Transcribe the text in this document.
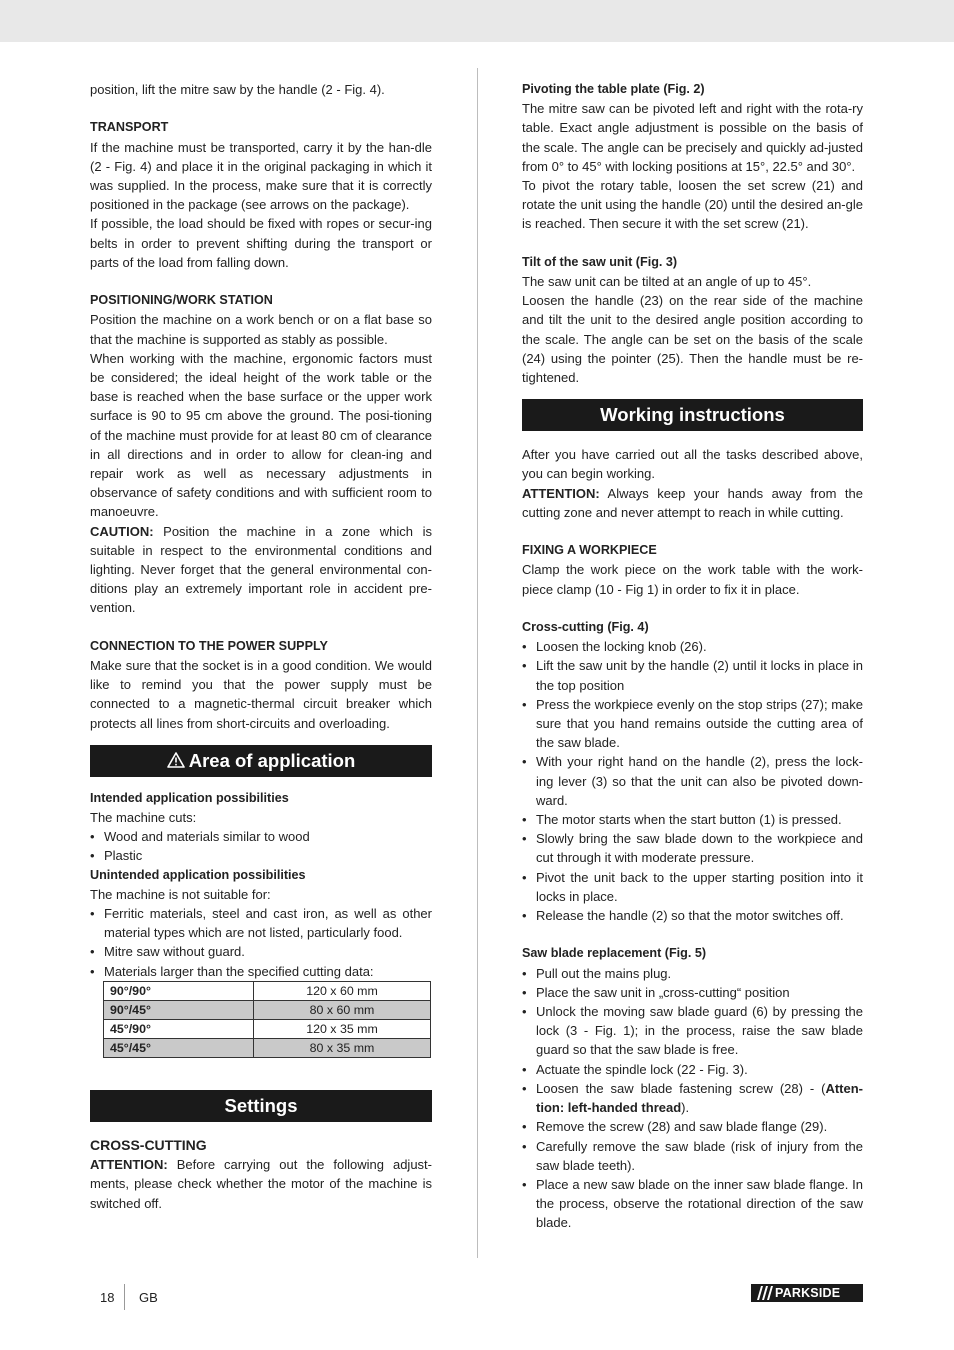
position, lift the mitre saw by the handle (2 - Fig. 4).

TRANSPORT

If the machine must be transported, carry it by the han-dle (2 - Fig. 4) and place it in the original packaging in which it was supplied. In the process, make sure that it is correctly positioned in the package (see arrows on the package).

If possible, the load should be fixed with ropes or secur-ing belts in order to prevent shifting during the transport or parts of the load from falling down.

POSITIONING/WORK STATION

Position the machine on a work bench or on a flat base so that the machine is supported as stably as possible.

When working with the machine, ergonomic factors must be considered; the ideal height of the work table or the base is reached when the base surface or the upper work surface is 90 to 95 cm above the ground. The posi-tioning of the machine must provide for at least 80 cm of clearance in all directions and in order to allow for clean-ing and repair work as well as necessary adjustments in observance of safety conditions and with sufficient room to manoeuvre.

CAUTION: Position the machine in a zone which is suitable in respect to the environmental conditions and lighting. Never forget that the general environmental con-ditions play an extremely important role in accident pre-vention.

CONNECTION TO THE POWER SUPPLY

Make sure that the socket is in a good condition. We would like to remind you that the power supply must be connected to a magnetic-thermal circuit breaker which protects all lines from short-circuits and overloading.

Area of application

Intended application possibilities

The machine cuts:

• Wood and materials similar to wood
• Plastic

Unintended application possibilities

The machine is not suitable for:

• Ferritic materials, steel and cast iron, as well as other material types which are not listed, particularly food.
• Mitre saw without guard.
• Materials larger than the specified cutting data:
90°/90°	120 x 60 mm
90°/45°	80 x 60 mm
45°/90°	120 x 35 mm
45°/45°	80 x 35 mm
Settings

CROSS-CUTTING

ATTENTION: Before carrying out the following adjust-ments, please check whether the motor of the machine is switched off.

Pivoting the table plate (Fig. 2)

The mitre saw can be pivoted left and right with the rota-ry table. Exact angle adjustment is possible on the basis of the scale. The angle can be precisely and quickly ad-justed from 0° to 45° with locking positions at 15°, 22.5° and 30°.

To pivot the rotary table, loosen the set screw (21) and rotate the unit using the handle (20) until the desired an-gle is reached. Then secure it with the set screw (21).

Tilt of the saw unit (Fig. 3)

The saw unit can be tilted at an angle of up to 45°.

Loosen the handle (23) on the rear side of the machine and tilt the unit to the desired angle position according to the scale. The angle can be set on the basis of the scale (24) using the pointer (25). Then the handle must be re-tightened.

Working instructions

After you have carried out all the tasks described above, you can begin working.

ATTENTION: Always keep your hands away from the cutting zone and never attempt to reach in while cutting.

FIXING A WORKPIECE

Clamp the work piece on the work table with the work-piece clamp (10 - Fig 1) in order to fix it in place.

Cross-cutting (Fig. 4)

• Loosen the locking knob (26).
• Lift the saw unit by the handle (2) until it locks in place in the top position
• Press the workpiece evenly on the stop strips (27); make sure that you hand remains outside the cutting area of the saw blade.
• With your right hand on the handle (2), press the lock-ing lever (3) so that the unit can also be pivoted down-ward.
• The motor starts when the start button (1) is pressed.
• Slowly bring the saw blade down to the workpiece and cut through it with moderate pressure.
• Pivot the unit back to the upper starting position into it locks in place.
• Release the handle (2) so that the motor switches off.

Saw blade replacement (Fig. 5)

• Pull out the mains plug.
• Place the saw unit in „cross-cutting“ position
• Unlock the moving saw blade guard (6) by pressing the lock (3 - Fig. 1); in the process, raise the saw blade guard so that the saw blade is free.
• Actuate the spindle lock (22 - Fig. 3).
• Loosen the saw blade fastening screw (28) - (Atten-tion: left-handed thread).
• Remove the screw (28) and saw blade flange (29).
• Carefully remove the saw blade (risk of injury from the saw blade teeth).
• Place a new saw blade on the inner saw blade flange. In the process, observe the rotational direction of the saw blade.
18 GB	PARKSIDE
